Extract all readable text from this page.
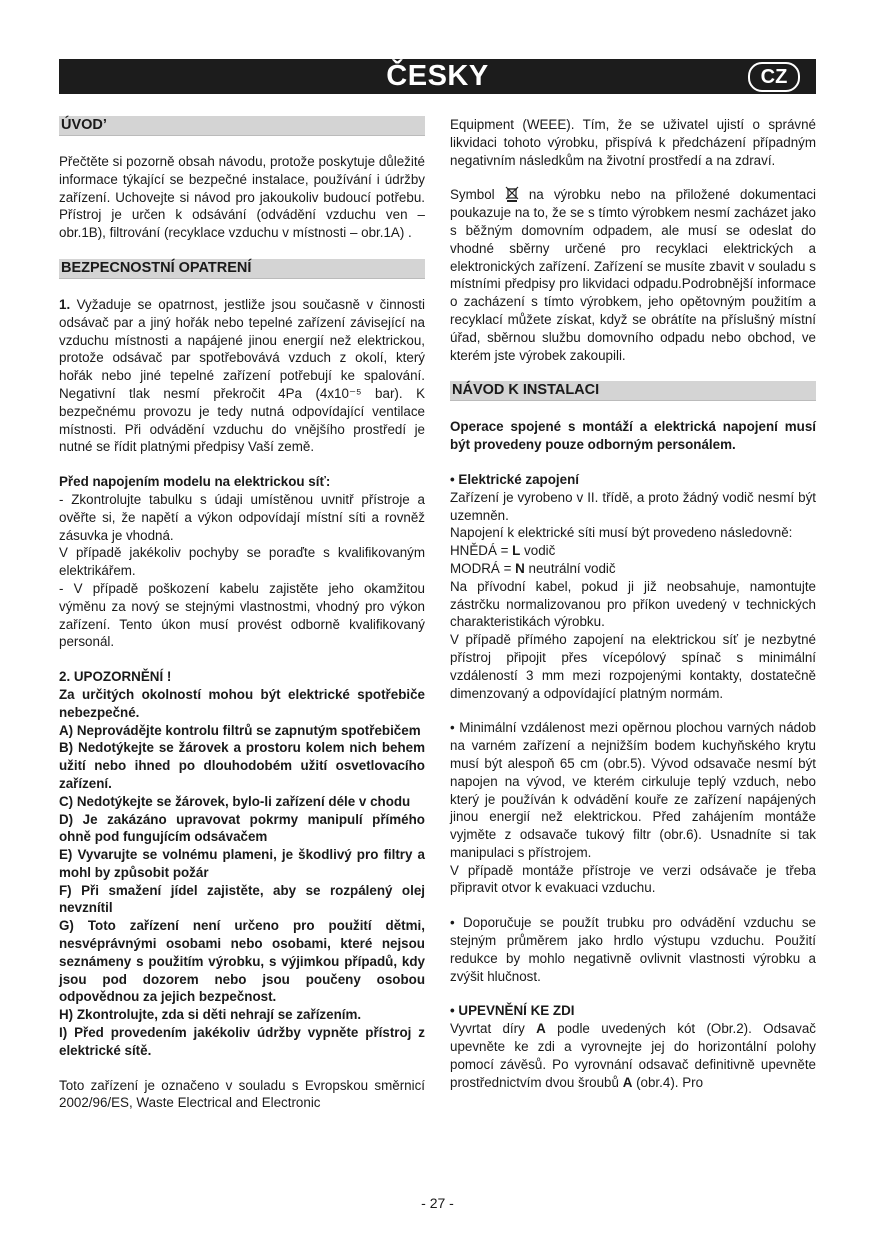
ČESKY	CZ
ÚVOD’

Přečtěte si pozorně obsah návodu, protože poskytuje důležité informace týkající se bezpečné instalace, používání i údržby zařízení. Uchovejte si návod pro jakoukoliv budoucí potřebu. Přístroj je určen k odsávání (odvádění vzduchu ven – obr.1B), filtrování (recyklace vzduchu v místnosti – obr.1A) .

BEZPECNOSTNÍ OPATRENÍ

1. Vyžaduje se opatrnost, jestliže jsou současně v činnosti odsávač par a jiný hořák nebo tepelné zařízení závisející na vzduchu místnosti a napájené jinou energií než elektrickou, protože odsávač par spotřebovává vzduch z okolí, který hořák nebo jiné tepelné zařízení potřebují ke spalování. Negativní tlak nesmí překročit 4Pa (4x10⁻⁵ bar). K bezpečnému provozu je tedy nutná odpovídající ventilace místnosti. Při odvádění vzduchu do vnějšího prostředí je nutné se řídit platnými předpisy Vaší země.

Před napojením modelu na elektrickou síť:

- Zkontrolujte tabulku s údaji umístěnou uvnitř přístroje a ověřte si, že napětí a výkon odpovídají místní síti a rovněž zásuvka je vhodná.

V případě jakékoliv pochyby se poraďte s kvalifikovaným elektrikářem.

- V případě poškození kabelu zajistěte jeho okamžitou výměnu za nový se stejnými vlastnostmi, vhodný pro výkon zařízení. Tento úkon musí provést odborně kvalifikovaný personál.

2. UPOZORNĚNÍ !

Za určitých okolností mohou být elektrické spotřebiče nebezpečné.

A) Neprovádějte kontrolu filtrů se zapnutým spotřebičem

B) Nedotýkejte se žárovek a prostoru kolem nich behem užití nebo ihned po dlouhodobém užití osvetlovacího zařízení.

C) Nedotýkejte se žárovek, bylo-li zařízení déle v chodu

D) Je zakázáno upravovat pokrmy manipulí přímého ohně pod fungujícím odsávačem

E) Vyvarujte se volnému plameni, je škodlivý pro filtry a mohl by způsobit požár

F) Při smažení jídel zajistěte, aby se rozpálený olej nevznítil

G) Toto zařízení není určeno pro použití dětmi, nesvéprávnými osobami nebo osobami, které nejsou seznámeny s použitím výrobku, s výjimkou případů, kdy jsou pod dozorem nebo jsou poučeny osobou odpovědnou za jejich bezpečnost.

H) Zkontrolujte, zda si děti nehrají se zařízením.

I) Před provedením jakékoliv údržby vypněte přístroj z elektrické sítě.

Toto zařízení je označeno v souladu s Evropskou směrnicí 2002/96/ES, Waste Electrical and Electronic

Equipment (WEEE). Tím, že se uživatel ujistí o správné likvidaci tohoto výrobku, přispívá k předcházení případným negativním následkům na životní prostředí a na zdraví.

Symbol  na výrobku nebo na přiložené dokumentaci poukazuje na to, že se s tímto výrobkem nesmí zacházet jako s běžným domovním odpadem, ale musí se odeslat do vhodné sběrny určené pro recyklaci elektrických a elektronických zařízení. Zařízení se musíte zbavit v souladu s místními předpisy pro likvidaci odpadu.Podrobnější informace o zacházení s tímto výrobkem, jeho opětovným použitím a recyklací můžete získat, když se obrátíte na příslušný místní úřad, sběrnou službu domovního odpadu nebo obchod, ve kterém jste výrobek zakoupili.

NÁVOD K INSTALACI

Operace spojené s montáží a elektrická napojení musí být provedeny pouze odborným personálem.

• Elektrické zapojení

Zařízení je vyrobeno v II. třídě, a proto žádný vodič nesmí být uzemněn.

Napojení k elektrické síti musí být provedeno následovně:

HNĚDÁ = L vodič

MODRÁ = N neutrální vodič

Na přívodní kabel, pokud ji již neobsahuje, namontujte zástrčku normalizovanou pro příkon uvedený v technických charakteristikách výrobku.

V případě přímého zapojení na elektrickou síť je nezbytné přístroj připojit přes vícepólový spínač s minimální vzdáleností 3 mm mezi rozpojenými kontakty, dostatečně dimenzovaný a odpovídající platným normám.

• Minimální vzdálenost mezi opěrnou plochou varných nádob na varném zařízení a nejnižším bodem kuchyňského krytu musí být alespoň 65 cm (obr.5). Vývod odsavače nesmí být napojen na vývod, ve kterém cirkuluje teplý vzduch, nebo který je používán k odvádění kouře ze zařízení napájených jinou energií než elektrickou. Před zahájením montáže vyjměte z odsavače tukový filtr (obr.6). Usnadníte si tak manipulaci s přístrojem.

V případě montáže přístroje ve verzi odsávače je třeba připravit otvor k evakuaci vzduchu.

• Doporučuje se použít trubku pro odvádění vzduchu se stejným průměrem jako hrdlo výstupu vzduchu. Použití redukce by mohlo negativně ovlivnit vlastnosti výrobku a zvýšit hlučnost.

• UPEVNĚNÍ KE ZDI

Vyvrtat díry A podle uvedených kót (Obr.2). Odsavač upevněte ke zdi a vyrovnejte jej do horizontální polohy pomocí závěsů. Po vyrovnání odsavač definitivně upevněte prostřednictvím dvou šroubů A (obr.4). Pro

- 27 -
